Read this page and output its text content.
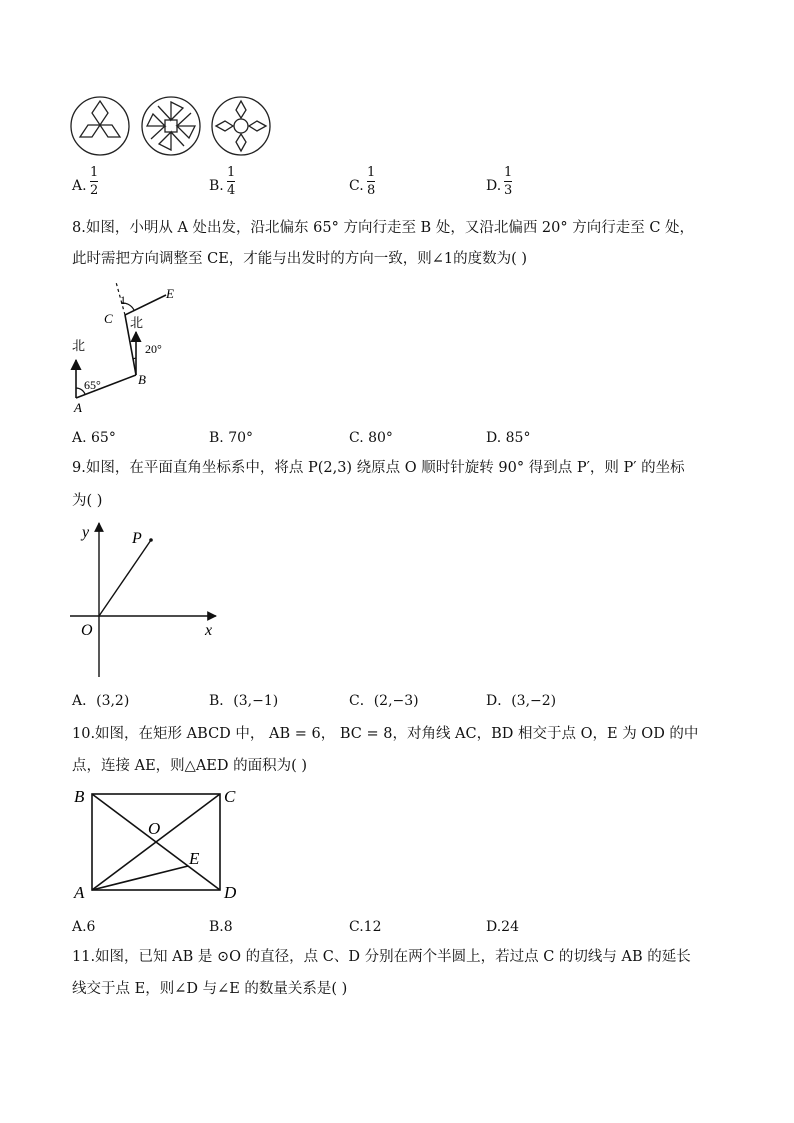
A.
1
2	B.
1
4	C.
1
8	D.
1
3
8.如图，小明从 A 处出发，沿北偏东 65° 方向行走至 B 处，又沿北偏西 20° 方向行走至 C 处，
此时需把方向调整至 CE，才能与出发时的方向一致，则∠1的度数为( )
北
北
A
B
C
E
1
65°
20°
A. 65°	B. 70°	C. 80°	D. 85°
9.如图，在平面直角坐标系中，将点 P(2,3) 绕原点 O 顺时针旋转 90° 得到点 P′，则 P′ 的坐标
为( )
y
x
O
P
A．(3,2)	B．(3,−1)	C．(2,−3)	D．(3,−2)
10.如图，在矩形 ABCD 中， AB = 6， BC = 8，对角线 AC，BD 相交于点 O，E 为 OD 的中
点，连接 AE，则△AED 的面积为( )
B	C
A	D
O
E
A.6	B.8	C.12	D.24
11.如图，已知 AB 是 ⊙O 的直径，点 C、D 分别在两个半圆上，若过点 C 的切线与 AB 的延长
线交于点 E，则∠D 与∠E 的数量关系是( )
